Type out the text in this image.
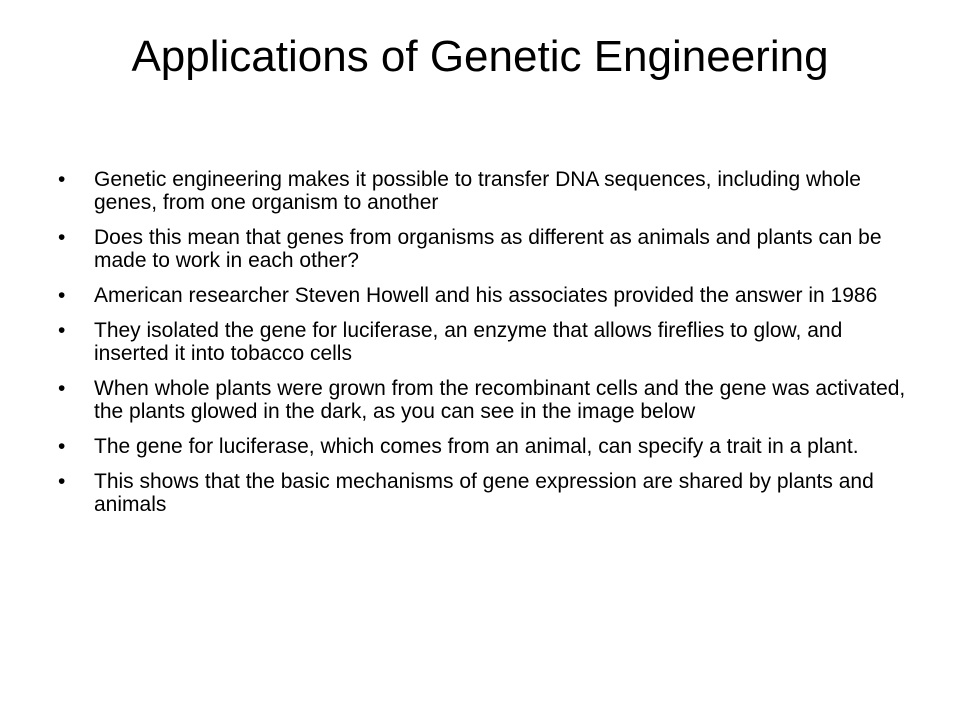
Applications of Genetic Engineering
• Genetic engineering makes it possible to transfer DNA sequences, including whole genes, from one organism to another
• Does this mean that genes from organisms as different as animals and plants can be made to work in each other?
• American researcher Steven Howell and his associates provided the answer in 1986
• They isolated the gene for luciferase, an enzyme that allows fireflies to glow, and inserted it into tobacco cells
• When whole plants were grown from the recombinant cells and the gene was activated, the plants glowed in the dark, as you can see in the image below
• The gene for luciferase, which comes from an animal, can specify a trait in a plant.
• This shows that the basic mechanisms of gene expression are shared by plants and animals
